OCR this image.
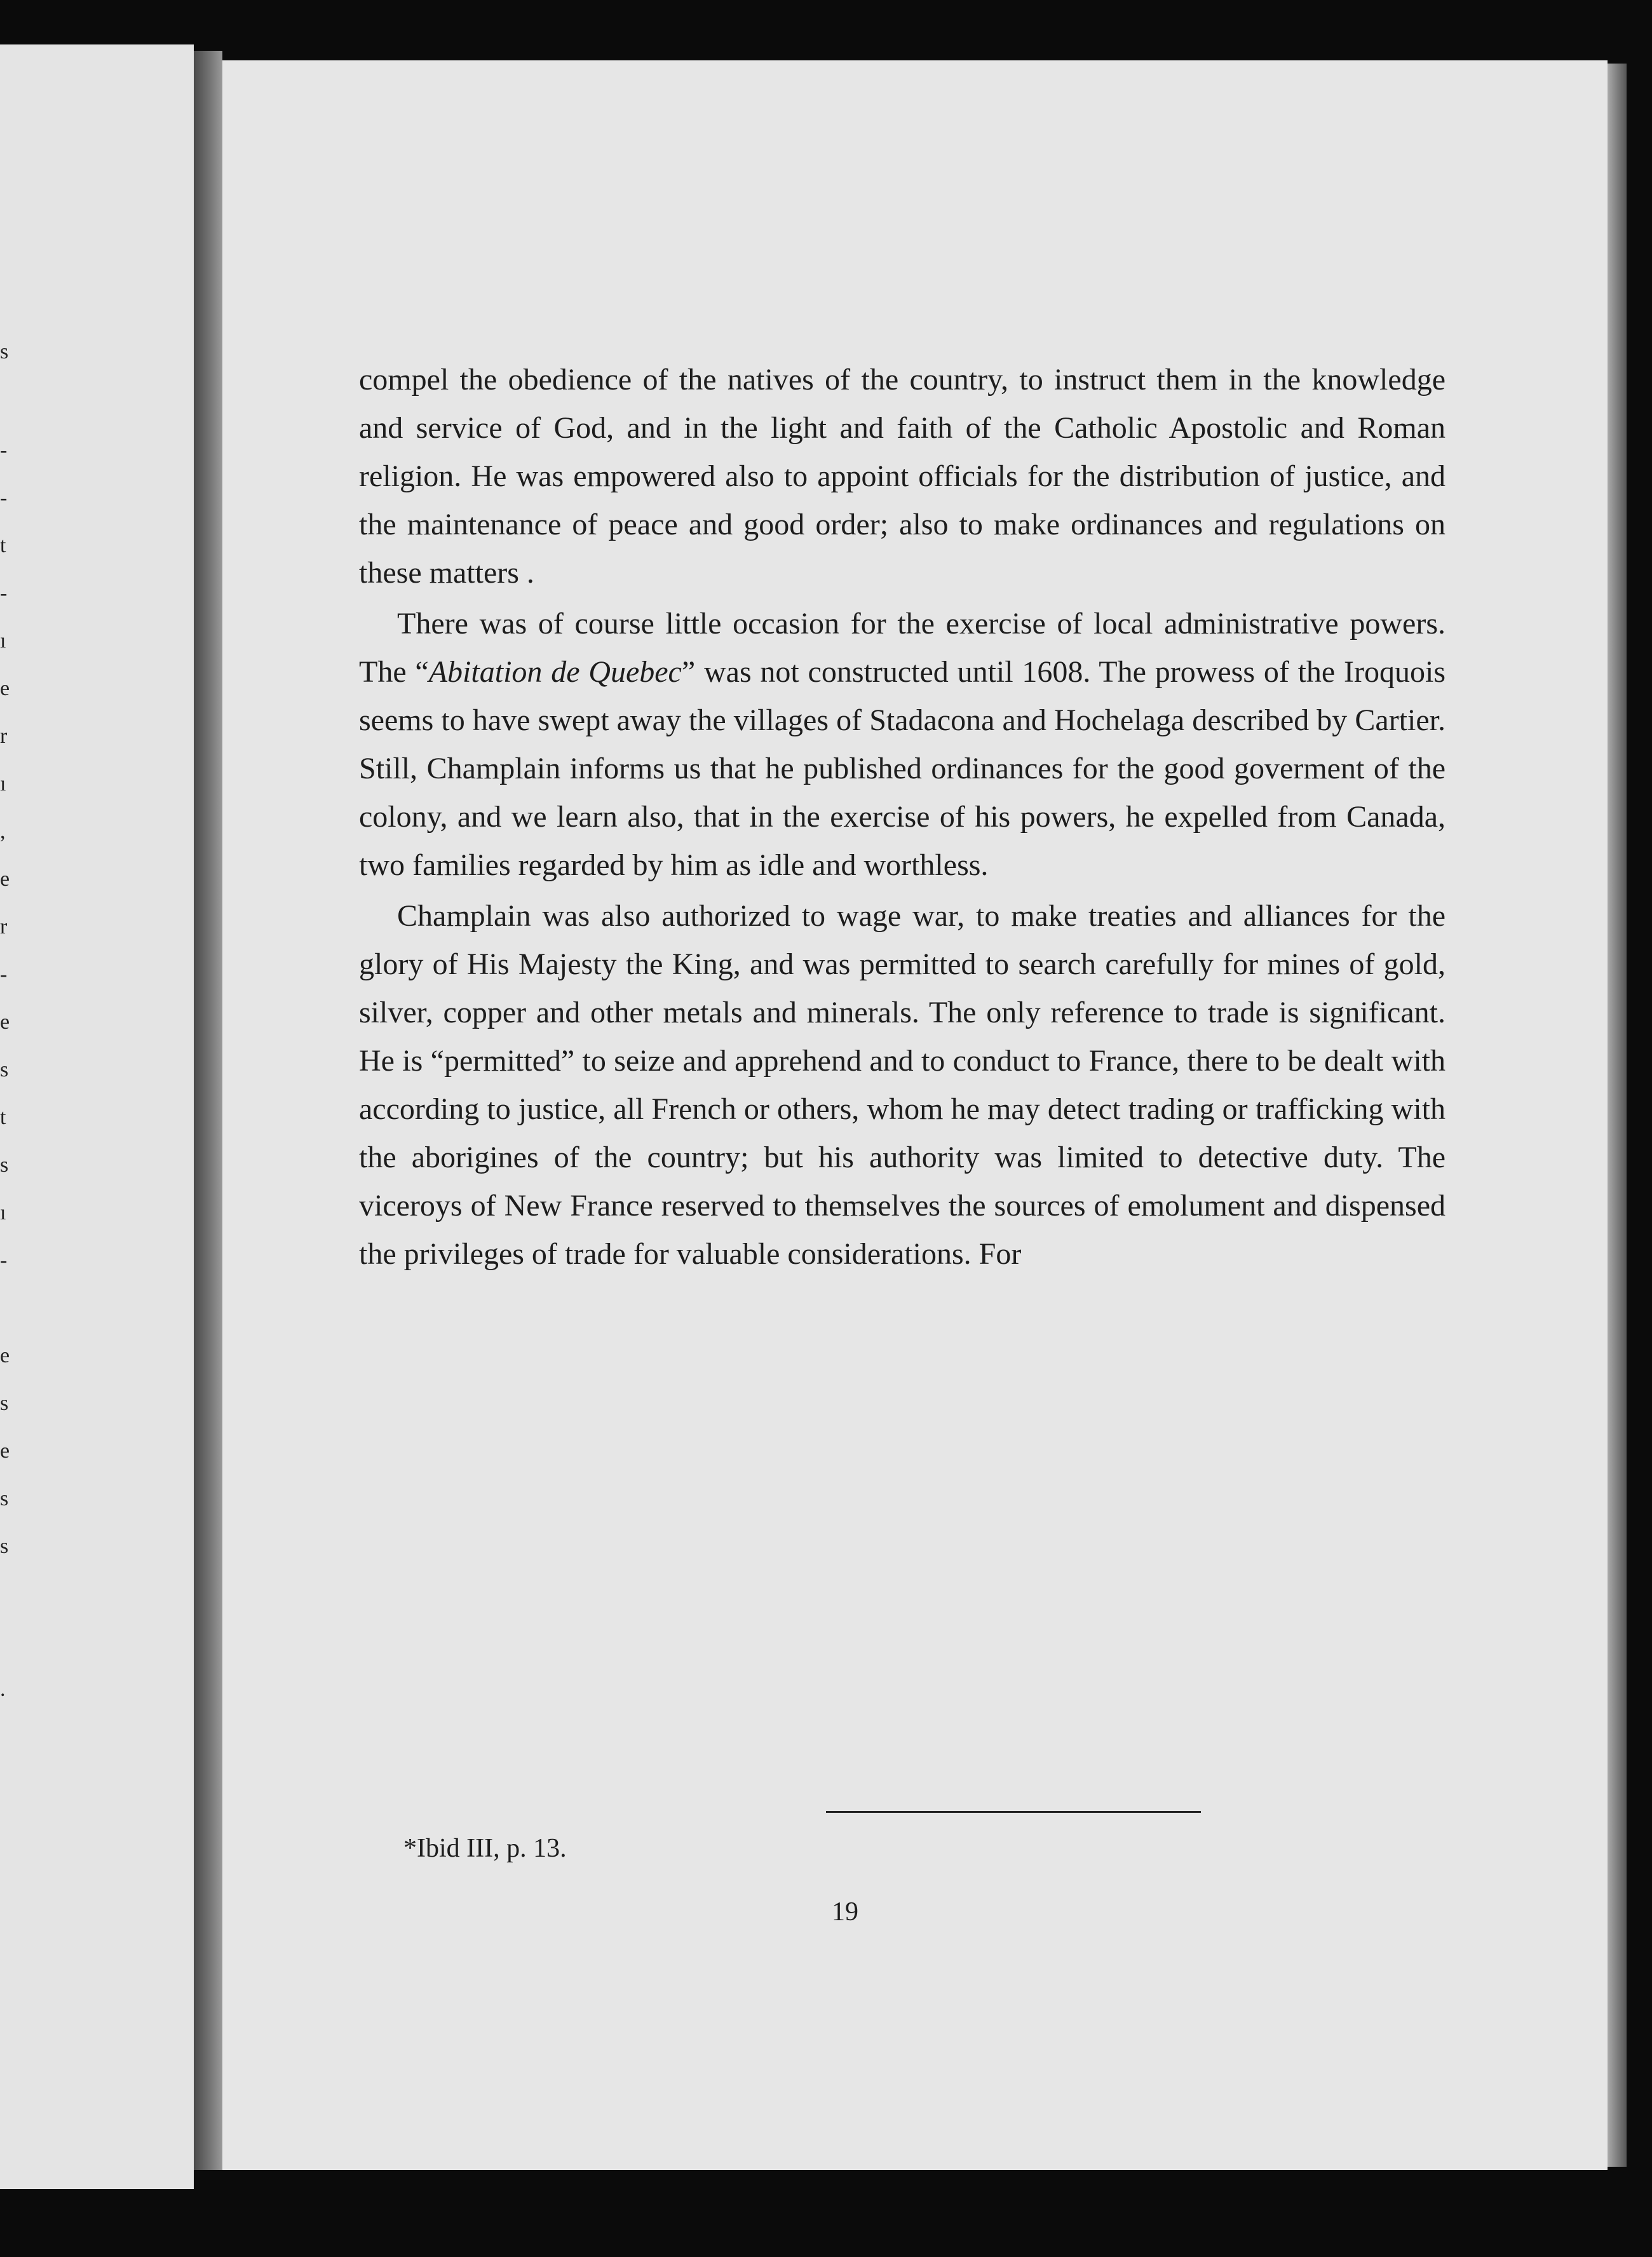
s
-
-
t
-
ı
e
r
ı
,
e
r
-
e
s
t
s
ı
-
e
s
e
s
s
.

compel the obedience of the natives of the country, to instruct them in the knowledge and service of God, and in the light and faith of the Catholic Apostolic and Roman religion. He was empowered also to appoint officials for the distribution of justice, and the maintenance of peace and good order; also to make ordinances and regulations on these matters .

There was of course little occasion for the exercise of local administrative powers. The “Abitation de Quebec” was not constructed until 1608. The prowess of the Iroquois seems to have swept away the villages of Stadacona and Hochelaga described by Cartier. Still, Champlain informs us that he published ordinances for the good goverment of the colony, and we learn also, that in the exercise of his powers, he expelled from Canada, two families regarded by him as idle and worthless.

Champlain was also authorized to wage war, to make treaties and alliances for the glory of His Majesty the King, and was permitted to search carefully for mines of gold, silver, copper and other metals and minerals. The only reference to trade is significant. He is “permitted” to seize and apprehend and to conduct to France, there to be dealt with according to justice, all French or others, whom he may detect trading or trafficking with the aborigines of the country; but his authority was limited to detective duty. The viceroys of New France reserved to themselves the sources of emolument and dispensed the privileges of trade for valuable considerations. For

*Ibid III, p. 13.
19
